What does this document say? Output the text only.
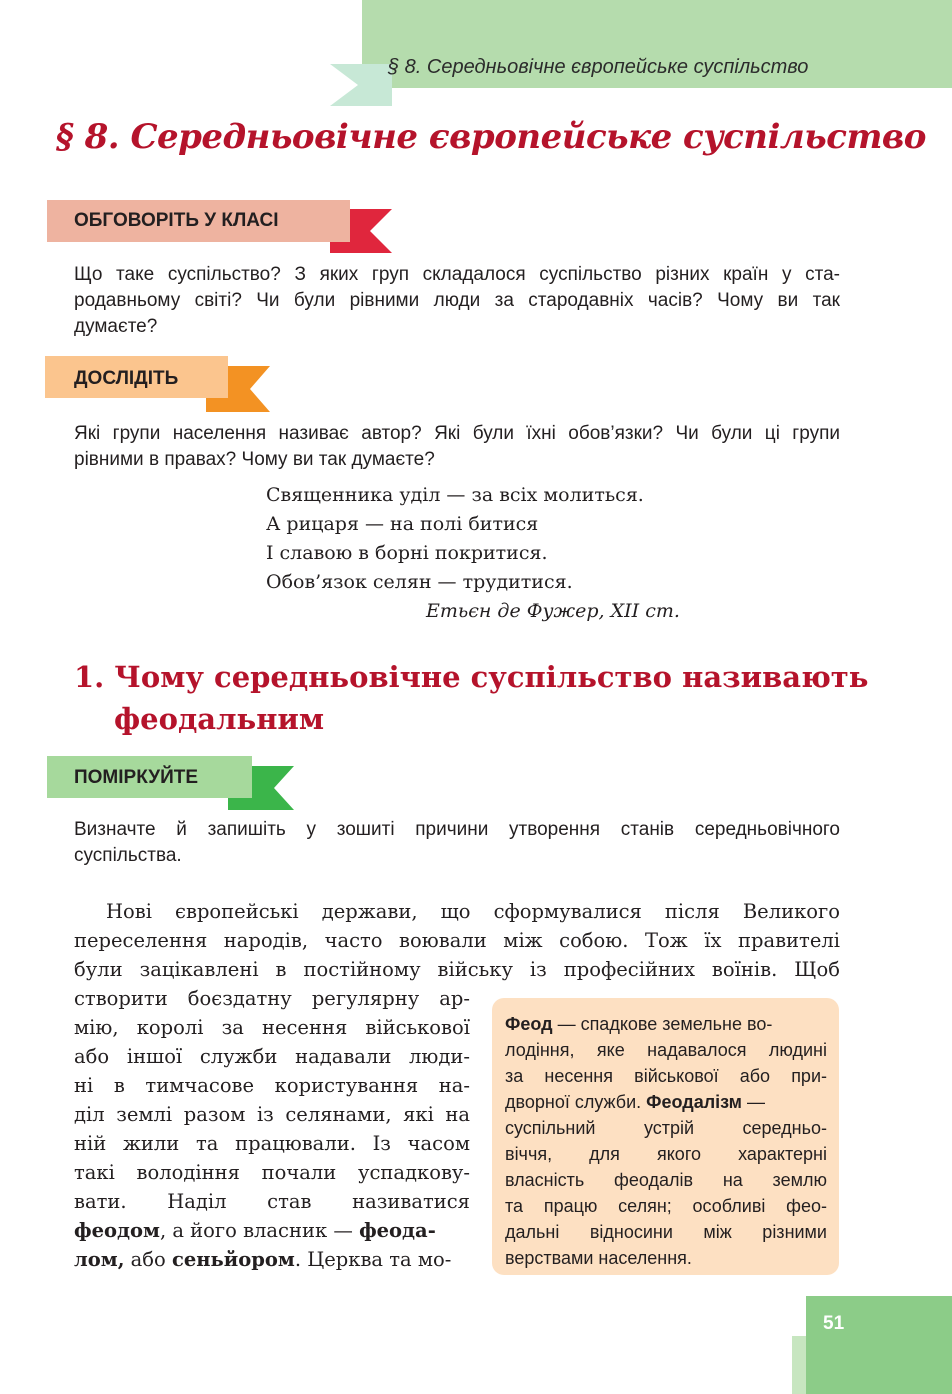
§ 8. Середньовічне європейське суспільство
§ 8. Середньовічне європейське суспільство
ОБГОВОРІТЬ У КЛАСІ
Що таке суспільство? З яких груп складалося суспільство різних країн у ста-
родавньому світі? Чи були рівними люди за стародавніх часів? Чому ви так
думаєте?
ДОСЛІДІТЬ
Які групи населення називає автор? Які були їхні обов’язки? Чи були ці групи
рівними в правах? Чому ви так думаєте?
Священника уділ — за всіх молиться.
А рицаря — на полі битися
І славою в борні покритися.
Обов’язок селян — трудитися.
Етьєн де Фужер, XII ст.
1. Чому середньовічне суспільство називають
феодальним
ПОМІРКУЙТЕ
Визначте й запишіть у зошиті причини утворення станів середньовічного
суспільства.
Нові європейські держави, що сформувалися після Великого
переселення народів, часто воювали між собою. Тож їх правителі
були зацікавлені в постійному війську із професійних воїнів. Щоб
створити боєздатну регулярну ар-
мію, королі за несення військової
або іншої служби надавали люди-
ні в тимчасове користування на-
діл землі разом із селянами, які на
ній жили та працювали. Із часом
такі володіння почали успадкову-
вати.  Наділ  став  називатися
феодом, а його власник — феода-
лом, або сеньйором. Церква та мо-
Феод — спадкове земельне во-
лодіння, яке надавалося людині
за несення військової або при-
дворної служби. Феодалізм —
суспільний устрій середньо-
віччя, для якого характерні
власність феодалів на землю
та працю селян; особливі фео-
дальні відносини між різними
верствами населення.
51
